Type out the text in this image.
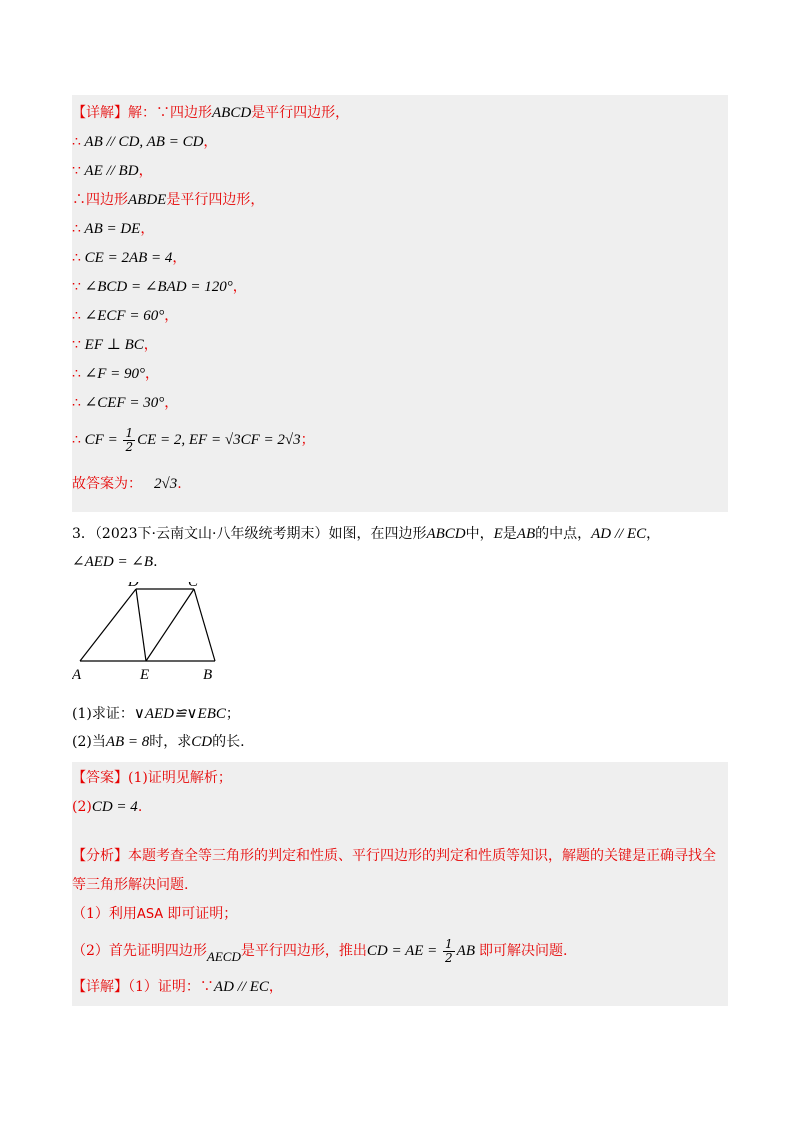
【详解】解：∵四边形ABCD是平行四边形，
∴ AB // CD, AB = CD，
∵ AE // BD，
∴四边形ABDE是平行四边形，
∴ AB = DE，
∴ CE = 2AB = 4，
∵ ∠BCD = ∠BAD = 120°，
∴ ∠ECF = 60°，
∵ EF ⊥ BC，
∴ ∠F = 90°，
∴ ∠CEF = 30°，
∴ CF = $\frac{1}{2}$ CE = 2, EF = √3CF = 2√3；
故答案为： 2√3.
3．（2023下·云南文山·八年级统考期末）如图，在四边形ABCD中，E是AB的中点，AD // EC，
∠AED = ∠B.
A	E	B
D	C
(1)求证：∨AED≌∨EBC；
(2)当AB = 8时，求CD的长.
【答案】(1)证明见解析；
(2)CD = 4.
【分析】本题考查全等三角形的判定和性质、平行四边形的判定和性质等知识，解题的关键是正确寻找全
等三角形解决问题.
（1）利用ASA 即可证明；
（2）首先证明四边形AECD是平行四边形，推出CD = AE = $\frac{1}{2}$ AB 即可解决问题.
【详解】（1）证明：∵AD // EC，
